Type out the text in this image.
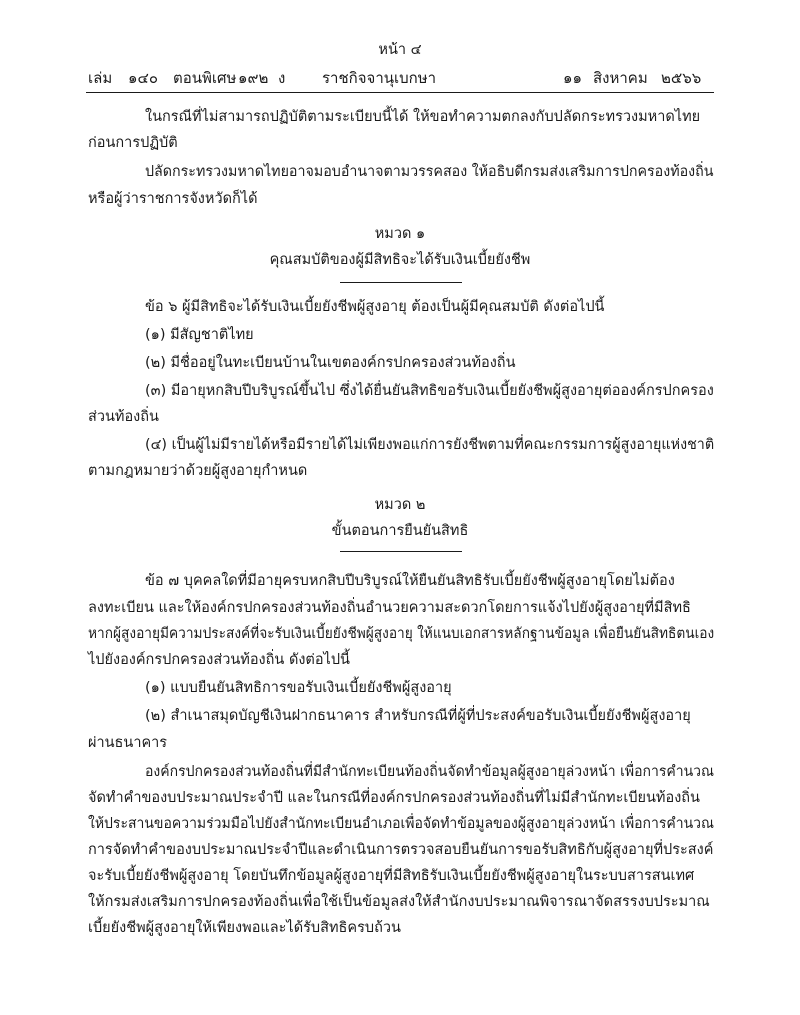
หน้า ๔
เล่ม ๑๔๐ ตอนพิเศษ ๑๙๒ ง ราชกิจจานุเบกษา	๑๑ สิงหาคม ๒๕๖๖
ในกรณีที่ไม่สามารถปฏิบัติตามระเบียบนี้ได้ ให้ขอทำความตกลงกับปลัดกระทรวงมหาดไทย
ก่อนการปฏิบัติ
ปลัดกระทรวงมหาดไทยอาจมอบอำนาจตามวรรคสอง ให้อธิบดีกรมส่งเสริมการปกครองท้องถิ่น
หรือผู้ว่าราชการจังหวัดก็ได้
หมวด ๑
คุณสมบัติของผู้มีสิทธิจะได้รับเงินเบี้ยยังชีพ
ข้อ ๖ ผู้มีสิทธิจะได้รับเงินเบี้ยยังชีพผู้สูงอายุ ต้องเป็นผู้มีคุณสมบัติ ดังต่อไปนี้
(๑) มีสัญชาติไทย
(๒) มีชื่ออยู่ในทะเบียนบ้านในเขตองค์กรปกครองส่วนท้องถิ่น
(๓) มีอายุหกสิบปีบริบูรณ์ขึ้นไป ซึ่งได้ยื่นยันสิทธิขอรับเงินเบี้ยยังชีพผู้สูงอายุต่อองค์กรปกครอง
ส่วนท้องถิ่น
(๔) เป็นผู้ไม่มีรายได้หรือมีรายได้ไม่เพียงพอแก่การยังชีพตามที่คณะกรรมการผู้สูงอายุแห่งชาติ
ตามกฎหมายว่าด้วยผู้สูงอายุกำหนด
หมวด ๒
ขั้นตอนการยืนยันสิทธิ
ข้อ ๗ บุคคลใดที่มีอายุครบหกสิบปีบริบูรณ์ให้ยืนยันสิทธิรับเบี้ยยังชีพผู้สูงอายุโดยไม่ต้อง
ลงทะเบียน และให้องค์กรปกครองส่วนท้องถิ่นอำนวยความสะดวกโดยการแจ้งไปยังผู้สูงอายุที่มีสิทธิ
หากผู้สูงอายุมีความประสงค์ที่จะรับเงินเบี้ยยังชีพผู้สูงอายุ ให้แนบเอกสารหลักฐานข้อมูล เพื่อยืนยันสิทธิตนเอง
ไปยังองค์กรปกครองส่วนท้องถิ่น ดังต่อไปนี้
(๑) แบบยืนยันสิทธิการขอรับเงินเบี้ยยังชีพผู้สูงอายุ
(๒) สำเนาสมุดบัญชีเงินฝากธนาคาร สำหรับกรณีที่ผู้ที่ประสงค์ขอรับเงินเบี้ยยังชีพผู้สูงอายุ
ผ่านธนาคาร
องค์กรปกครองส่วนท้องถิ่นที่มีสำนักทะเบียนท้องถิ่นจัดทำข้อมูลผู้สูงอายุล่วงหน้า เพื่อการคำนวณ
จัดทำคำของบประมาณประจำปี และในกรณีที่องค์กรปกครองส่วนท้องถิ่นที่ไม่มีสำนักทะเบียนท้องถิ่น
ให้ประสานขอความร่วมมือไปยังสำนักทะเบียนอำเภอเพื่อจัดทำข้อมูลของผู้สูงอายุล่วงหน้า เพื่อการคำนวณ
การจัดทำคำของบประมาณประจำปีและดำเนินการตรวจสอบยืนยันการขอรับสิทธิกับผู้สูงอายุที่ประสงค์
จะรับเบี้ยยังชีพผู้สูงอายุ โดยบันทึกข้อมูลผู้สูงอายุที่มีสิทธิรับเงินเบี้ยยังชีพผู้สูงอายุในระบบสารสนเทศ
ให้กรมส่งเสริมการปกครองท้องถิ่นเพื่อใช้เป็นข้อมูลส่งให้สำนักงบประมาณพิจารณาจัดสรรงบประมาณ
เบี้ยยังชีพผู้สูงอายุให้เพียงพอและได้รับสิทธิครบถ้วน
